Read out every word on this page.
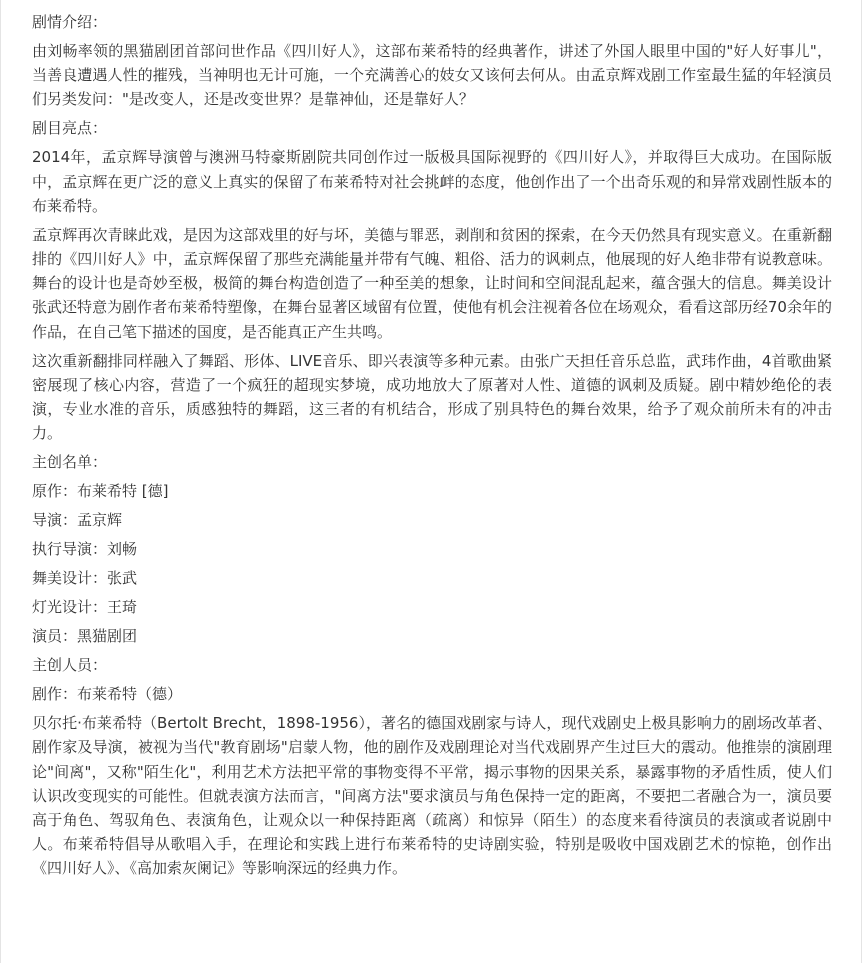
剧情介绍：

由刘畅率领的黑猫剧团首部问世作品《四川好人》，这部布莱希特的经典著作，讲述了外国人眼里中国的"好人好事儿"，当善良遭遇人性的摧残，当神明也无计可施，一个充满善心的妓女又该何去何从。由孟京辉戏剧工作室最生猛的年轻演员们另类发问："是改变人，还是改变世界？是靠神仙，还是靠好人？

剧目亮点：

2014年，孟京辉导演曾与澳洲马特豪斯剧院共同创作过一版极具国际视野的《四川好人》，并取得巨大成功。在国际版中，孟京辉在更广泛的意义上真实的保留了布莱希特对社会挑衅的态度，他创作出了一个出奇乐观的和异常戏剧性版本的布莱希特。

孟京辉再次青睐此戏，是因为这部戏里的好与坏，美德与罪恶，剥削和贫困的探索，在今天仍然具有现实意义。在重新翻排的《四川好人》中，孟京辉保留了那些充满能量并带有气魄、粗俗、活力的讽刺点，他展现的好人绝非带有说教意味。舞台的设计也是奇妙至极，极简的舞台构造创造了一种至美的想象，让时间和空间混乱起来，蕴含强大的信息。舞美设计张武还特意为剧作者布莱希特塑像，在舞台显著区域留有位置，使他有机会注视着各位在场观众，看看这部历经70余年的作品，在自己笔下描述的国度，是否能真正产生共鸣。

这次重新翻排同样融入了舞蹈、形体、LIVE音乐、即兴表演等多种元素。由张广天担任音乐总监，武玮作曲，4首歌曲紧密展现了核心内容，营造了一个疯狂的超现实梦境，成功地放大了原著对人性、道德的讽刺及质疑。剧中精妙绝伦的表演，专业水准的音乐，质感独特的舞蹈，这三者的有机结合，形成了别具特色的舞台效果，给予了观众前所未有的冲击力。

主创名单：

原作：布莱希特 [德]

导演：孟京辉

执行导演：刘畅

舞美设计：张武

灯光设计：王琦

演员：黑猫剧团

主创人员：

剧作：布莱希特（德）

贝尔托·布莱希特（Bertolt Brecht，1898-1956），著名的德国戏剧家与诗人，现代戏剧史上极具影响力的剧场改革者、剧作家及导演，被视为当代"教育剧场"启蒙人物，他的剧作及戏剧理论对当代戏剧界产生过巨大的震动。他推崇的演剧理论"间离"，又称"陌生化"，利用艺术方法把平常的事物变得不平常，揭示事物的因果关系，暴露事物的矛盾性质，使人们认识改变现实的可能性。但就表演方法而言，"间离方法"要求演员与角色保持一定的距离，不要把二者融合为一，演员要高于角色、驾驭角色、表演角色，让观众以一种保持距离（疏离）和惊异（陌生）的态度来看待演员的表演或者说剧中人。布莱希特倡导从歌唱入手，在理论和实践上进行布莱希特的史诗剧实验，特别是吸收中国戏剧艺术的惊艳，创作出《四川好人》、《高加索灰阑记》等影响深远的经典力作。
